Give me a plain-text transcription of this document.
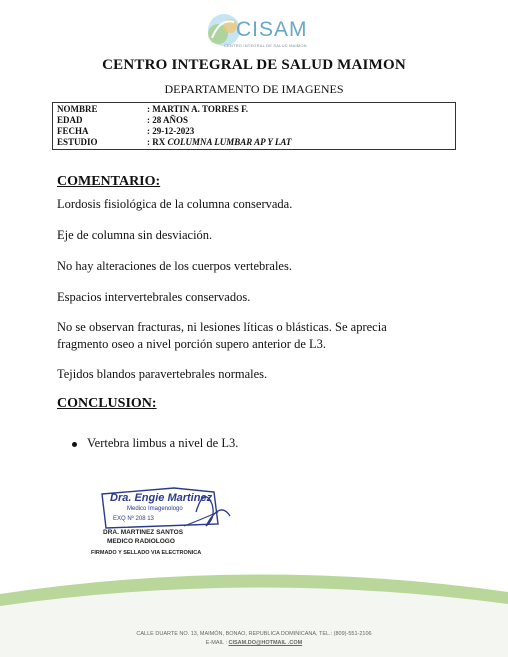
CISAM
CENTRO INTEGRAL DE SALUD MAIMON
CENTRO INTEGRAL DE SALUD MAIMON
DEPARTAMENTO DE IMAGENES
NOMBRE	: MARTIN A. TORRES F.
EDAD	: 28 AÑOS
FECHA	: 29-12-2023
ESTUDIO	: RX COLUMNA LUMBAR AP Y LAT
COMENTARIO:
Lordosis fisiológica de la columna conservada.
Eje de columna sin desviación.
No hay alteraciones de los cuerpos vertebrales.
Espacios intervertebrales conservados.
No se observan fracturas, ni lesiones líticas o blásticas. Se aprecia fragmento oseo a nivel porción supero anterior de L3.
Tejidos blandos paravertebrales normales.
CONCLUSION:
Vertebra limbus a nivel de L3.
Dra. Engie Martinez
Medico Imagenologo
EXQ Nº 208 13
DRA. MARTINEZ SANTOS
MEDICO RADIOLOGO
FIRMADO Y SELLADO VIA ELECTRONICA
CALLE DUARTE NO. 13, MAIMÓN, BONAO, REPUBLICA DOMINICANA, TEL.: (809)-551-2106
E-MAIL : CISAM.DO@HOTMAIL .COM
